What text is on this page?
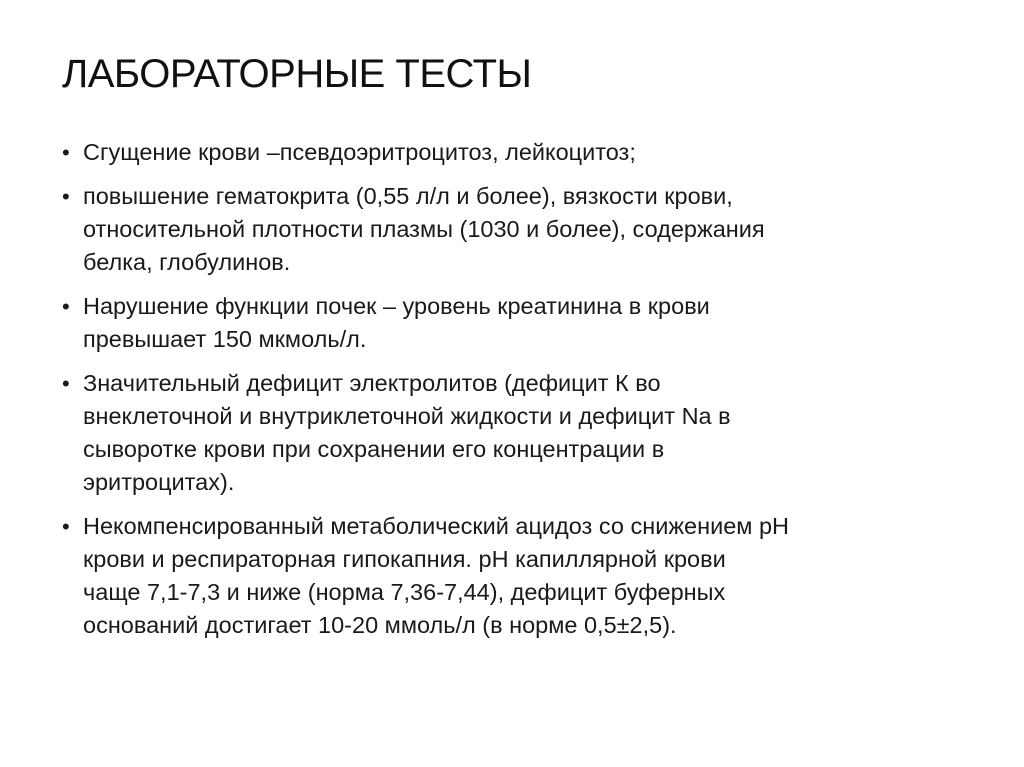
ЛАБОРАТОРНЫЕ ТЕСТЫ
• Сгущение крови –псевдоэритроцитоз, лейкоцитоз;
• повышение гематокрита (0,55 л/л и более), вязкости крови,
относительной плотности плазмы (1030 и более), содержания
белка, глобулинов.
• Нарушение функции почек – уровень креатинина в крови
превышает 150 мкмоль/л.
• Значительный дефицит электролитов (дефицит К во
внеклеточной и внутриклеточной жидкости и дефицит Na в
сыворотке крови при сохранении его концентрации в
эритроцитах).
• Некомпенсированный метаболический ацидоз со снижением pH
крови и респираторная гипокапния. pH капиллярной крови
чаще 7,1-7,3 и ниже (норма 7,36-7,44), дефицит буферных
оснований достигает 10-20 ммоль/л (в норме 0,5±2,5).
